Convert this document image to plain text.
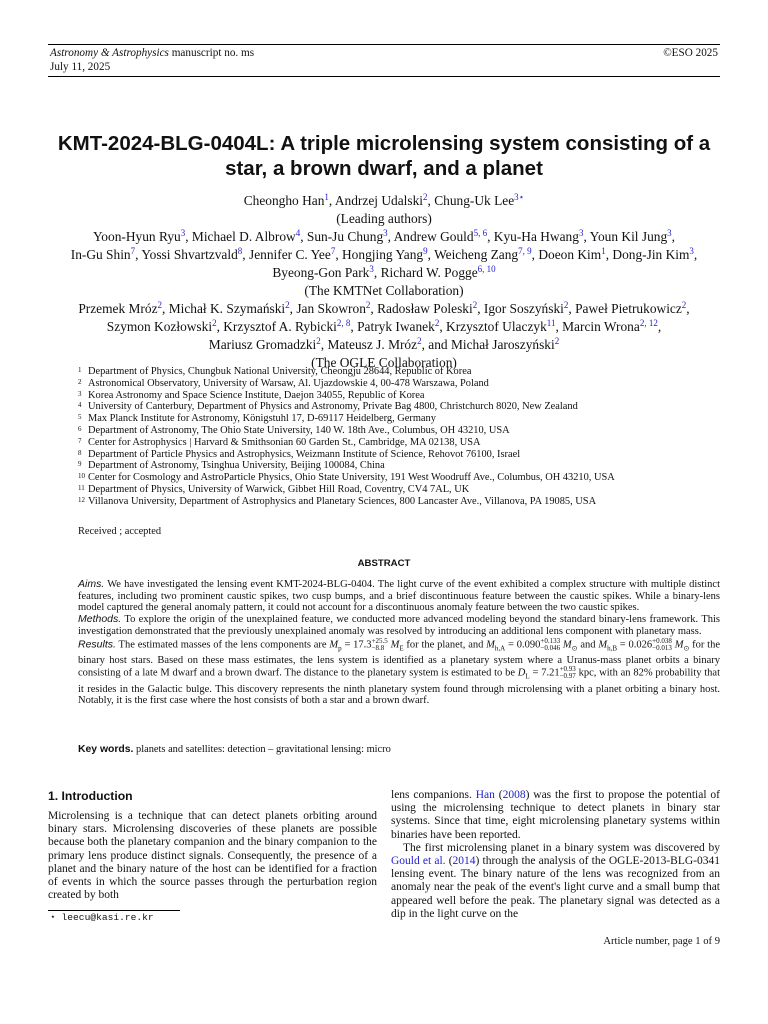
Astronomy & Astrophysics manuscript no. ms
July 11, 2025
©ESO 2025
KMT-2024-BLG-0404L: A triple microlensing system consisting of a
star, a brown dwarf, and a planet
Cheongho Han$^1$, Andrzej Udalski$^2$, Chung-Uk Lee$^{3⋆}$
(Leading authors)
Yoon-Hyun Ryu$^3$, Michael D. Albrow$^4$, Sun-Ju Chung$^3$, Andrew Gould$^{5, 6}$, Kyu-Ha Hwang$^3$, Youn Kil Jung$^3$,
In-Gu Shin$^7$, Yossi Shvartzvald$^8$, Jennifer C. Yee$^7$, Hongjing Yang$^9$, Weicheng Zang$^{7, 9}$, Doeon Kim$^1$, Dong-Jin Kim$^3$,
Byeong-Gon Park$^3$, Richard W. Pogge$^{6, 10}$
(The KMTNet Collaboration)
Przemek Mróz$^2$, Michał K. Szymański$^2$, Jan Skowron$^2$, Radosław Poleski$^2$, Igor Soszyński$^2$, Paweł Pietrukowicz$^2$,
Szymon Kozłowski$^2$, Krzysztof A. Rybicki$^{2, 8}$, Patryk Iwanek$^2$, Krzysztof Ulaczyk$^{11}$, Marcin Wrona$^{2, 12}$,
Mariusz Gromadzki$^2$, Mateusz J. Mróz$^2$, and Michał Jaroszyński$^2$
(The OGLE Collaboration)
1 Department of Physics, Chungbuk National University, Cheongju 28644, Republic of Korea
2 Astronomical Observatory, University of Warsaw, Al. Ujazdowskie 4, 00-478 Warszawa, Poland
3 Korea Astronomy and Space Science Institute, Daejon 34055, Republic of Korea
4 University of Canterbury, Department of Physics and Astronomy, Private Bag 4800, Christchurch 8020, New Zealand
5 Max Planck Institute for Astronomy, Königstuhl 17, D-69117 Heidelberg, Germany
6 Department of Astronomy, The Ohio State University, 140 W. 18th Ave., Columbus, OH 43210, USA
7 Center for Astrophysics | Harvard & Smithsonian 60 Garden St., Cambridge, MA 02138, USA
8 Department of Particle Physics and Astrophysics, Weizmann Institute of Science, Rehovot 76100, Israel
9 Department of Astronomy, Tsinghua University, Beijing 100084, China
10 Center for Cosmology and AstroParticle Physics, Ohio State University, 191 West Woodruff Ave., Columbus, OH 43210, USA
11 Department of Physics, University of Warwick, Gibbet Hill Road, Coventry, CV4 7AL, UK
12 Villanova University, Department of Astrophysics and Planetary Sciences, 800 Lancaster Ave., Villanova, PA 19085, USA
Received ; accepted
ABSTRACT

Aims. We have investigated the lensing event KMT-2024-BLG-0404. The light curve of the event exhibited a complex structure with multiple distinct features, including two prominent caustic spikes, two cusp bumps, and a brief discontinuous feature between the caustic spikes. While a binary-lens model captured the general anomaly pattern, it could not account for a discontinuous anomaly feature between the two caustic spikes.

Methods. To explore the origin of the unexplained feature, we conducted more advanced modeling beyond the standard binary-lens framework. This investigation demonstrated that the previously unexplained anomaly was resolved by introducing an additional lens component with planetary mass.

Results. The estimated masses of the lens components are $M_p = 17.3+25.5$
−8.8 $M_E$ for the planet, and $M_{h,A} = 0.090+0.133$
−0.046 $M_⊙$ and $M_{h,B} = 0.026+0.038$
−0.013 $M_⊙$ for the binary host stars. Based on these mass estimates, the lens system is identified as a planetary system where a Uranus-mass planet orbits a binary consisting of a late M dwarf and a brown dwarf. The distance to the planetary system is estimated to be $D_L = 7.21+0.93$
−0.97 kpc, with an 82% probability that it resides in the Galactic bulge. This discovery represents the ninth planetary system found through microlensing with a planet orbiting a binary host. Notably, it is the first case where the host consists of both a star and a brown dwarf.

Key words. planets and satellites: detection – gravitational lensing: micro
1. Introduction

Microlensing is a technique that can detect planets orbiting around binary stars. Microlensing discoveries of these planets are possible because both the planetary companion and the binary companion to the primary lens produce distinct signals. Consequently, the presence of a planet and the binary nature of the host can be identified for a fraction of events in which the source passes through the perturbation region created by both

lens companions. Han (2008) was the first to propose the potential of using the microlensing technique to detect planets in binary star systems. Since that time, eight microlensing planetary systems within binaries have been reported.

The first microlensing planet in a binary system was discovered by Gould et al. (2014) through the analysis of the OGLE-2013-BLG-0341 lensing event. The binary nature of the lens was recognized from an anomaly near the peak of the event's light curve and a small bump that appeared well before the peak. The planetary signal was detected as a dip in the light curve on the

⋆ leecu@kasi.re.kr
Article number, page 1 of 9
